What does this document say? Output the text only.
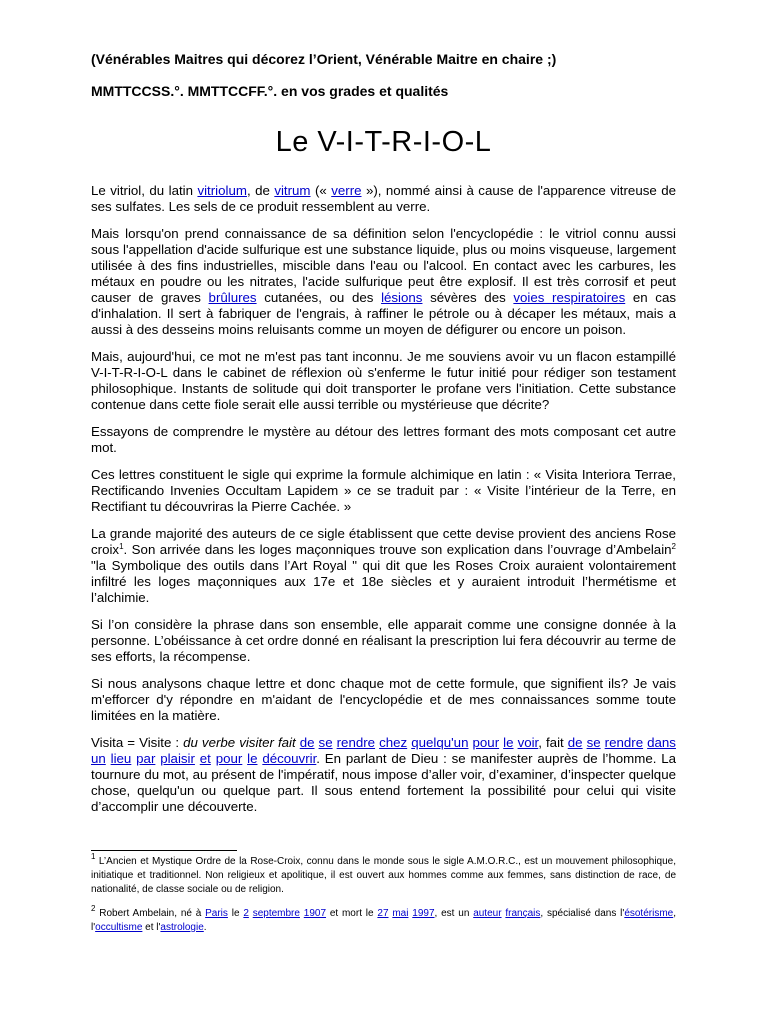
(Vénérables Maitres qui décorez l’Orient, Vénérable Maitre en chaire ;)
MMTTCCSS.°. MMTTCCFF.°. en vos grades et qualités
Le V-I-T-R-I-O-L

Le vitriol, du latin vitriolum, de vitrum (« verre »), nommé ainsi à cause de l'apparence vitreuse de ses sulfates. Les sels de ce produit ressemblent au verre.

Mais lorsqu'on prend connaissance de sa définition selon l'encyclopédie : le vitriol connu aussi sous l'appellation d'acide sulfurique est une substance liquide, plus ou moins visqueuse, largement utilisée à des fins industrielles, miscible dans l'eau ou l'alcool. En contact avec les carbures, les métaux en poudre ou les nitrates, l'acide sulfurique peut être explosif. Il est très corrosif et peut causer de graves brûlures cutanées, ou des lésions sévères des voies respiratoires en cas d'inhalation. Il sert à fabriquer de l'engrais, à raffiner le pétrole ou à décaper les métaux, mais a aussi à des desseins moins reluisants comme un moyen de défigurer ou encore un poison.

Mais, aujourd'hui, ce mot ne m'est pas tant inconnu. Je me souviens avoir vu un flacon estampillé V-I-T-R-I-O-L dans le cabinet de réflexion où s'enferme le futur initié pour rédiger son testament philosophique. Instants de solitude qui doit transporter le profane vers l'initiation. Cette substance contenue dans cette fiole serait elle aussi terrible ou mystérieuse que décrite?

Essayons de comprendre le mystère au détour des lettres formant des mots composant cet autre mot.

Ces lettres constituent le sigle qui exprime la formule alchimique en latin : « Visita Interiora Terrae, Rectificando Invenies Occultam Lapidem » ce se traduit par : « Visite l’intérieur de la Terre, en Rectifiant tu découvriras la Pierre Cachée. »

La grande majorité des auteurs de ce sigle établissent que cette devise provient des anciens Rose croix$^1$. Son arrivée dans les loges maçonniques trouve son explication dans l’ouvrage d’Ambelain$^2$ "la Symbolique des outils dans l’Art Royal " qui dit que les Roses Croix auraient volontairement infiltré les loges maçonniques aux 17e et 18e siècles et y auraient introduit l’hermétisme et l’alchimie.

Si l’on considère la phrase dans son ensemble, elle apparait comme une consigne donnée à la personne. L’obéissance à cet ordre donné en réalisant la prescription lui fera découvrir au terme de ses efforts, la récompense.

Si nous analysons chaque lettre et donc chaque mot de cette formule, que signifient ils? Je vais m'efforcer d'y répondre en m'aidant de l'encyclopédie et de mes connaissances somme toute limitées en la matière.

Visita = Visite : du verbe visiter fait de se rendre chez quelqu'un pour le voir, fait de se rendre dans un lieu par plaisir et pour le découvrir. En parlant de Dieu : se manifester auprès de l’homme. La tournure du mot, au présent de l'impératif, nous impose d’aller voir, d’examiner, d’inspecter quelque chose, quelqu'un ou quelque part. Il sous entend fortement la possibilité pour celui qui visite d’accomplir une découverte.

$^1$ L’Ancien et Mystique Ordre de la Rose-Croix, connu dans le monde sous le sigle A.M.O.R.C., est un mouvement philosophique, initiatique et traditionnel. Non religieux et apolitique, il est ouvert aux hommes comme aux femmes, sans distinction de race, de nationalité, de classe sociale ou de religion.

$^2$ Robert Ambelain, né à Paris le 2 septembre 1907 et mort le 27 mai 1997, est un auteur français, spécialisé dans l'ésotérisme, l'occultisme et l'astrologie.
